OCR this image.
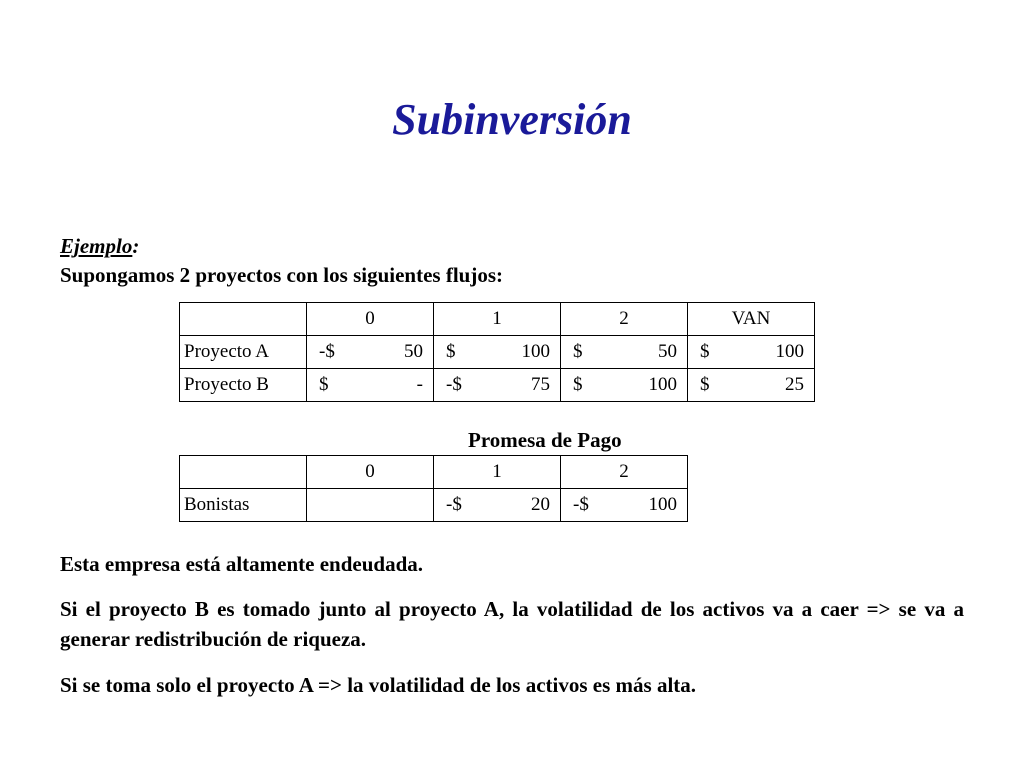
Subinversión
Ejemplo:
Supongamos 2 proyectos con los siguientes flujos:
	0	1	2	VAN
Proyecto A	-$ 50	$ 100	$ 50	$ 100

Proyecto B	$ -	-$ 75	$ 100	$ 25
Promesa de Pago
	0	1	2
Bonistas		-$ 20	-$ 100
Esta empresa está altamente endeudada.
Si el proyecto B es tomado junto al proyecto A, la volatilidad de los activos va a caer => se va a generar redistribución de riqueza.
Si se toma solo el proyecto A => la volatilidad de los activos es más alta.
